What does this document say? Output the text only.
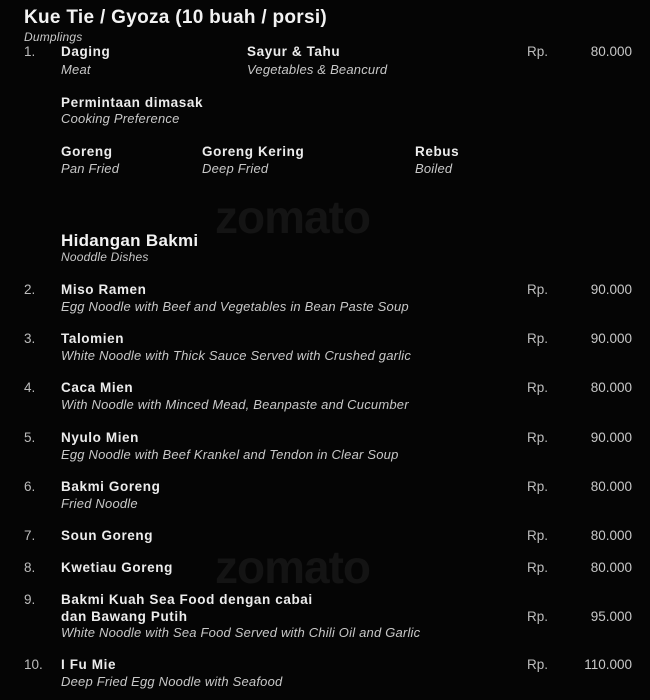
zomato
zomato
Kue Tie / Gyoza (10 buah / porsi)
Dumplings
1. Daging
Meat
Sayur & Tahu
Vegetables & Beancurd
Rp.	80.000
Permintaan dimasak
Cooking Preference
Goreng
Pan Fried
Goreng Kering
Deep Fried
Rebus
Boiled
Hidangan Bakmi
Nooddle Dishes
2. Miso Ramen
Egg Noodle with Beef and Vegetables in Bean Paste Soup
Rp.	90.000
3. Talomien
White Noodle with Thick Sauce Served with Crushed garlic
Rp.	90.000
4. Caca Mien
With Noodle with Minced Mead, Beanpaste and Cucumber
Rp.	80.000
5. Nyulo Mien
Egg Noodle with Beef Krankel and Tendon in Clear Soup
Rp.	90.000
6. Bakmi Goreng
Fried Noodle
Rp.	80.000
7. Soun Goreng	Rp.	80.000
8. Kwetiau Goreng	Rp.	80.000
9. Bakmi Kuah Sea Food dengan cabai
dan Bawang Putih
White Noodle with Sea Food Served with Chili Oil and Garlic
Rp.	95.000
10. I Fu Mie
Deep Fried Egg Noodle with Seafood
Rp.	110.000
